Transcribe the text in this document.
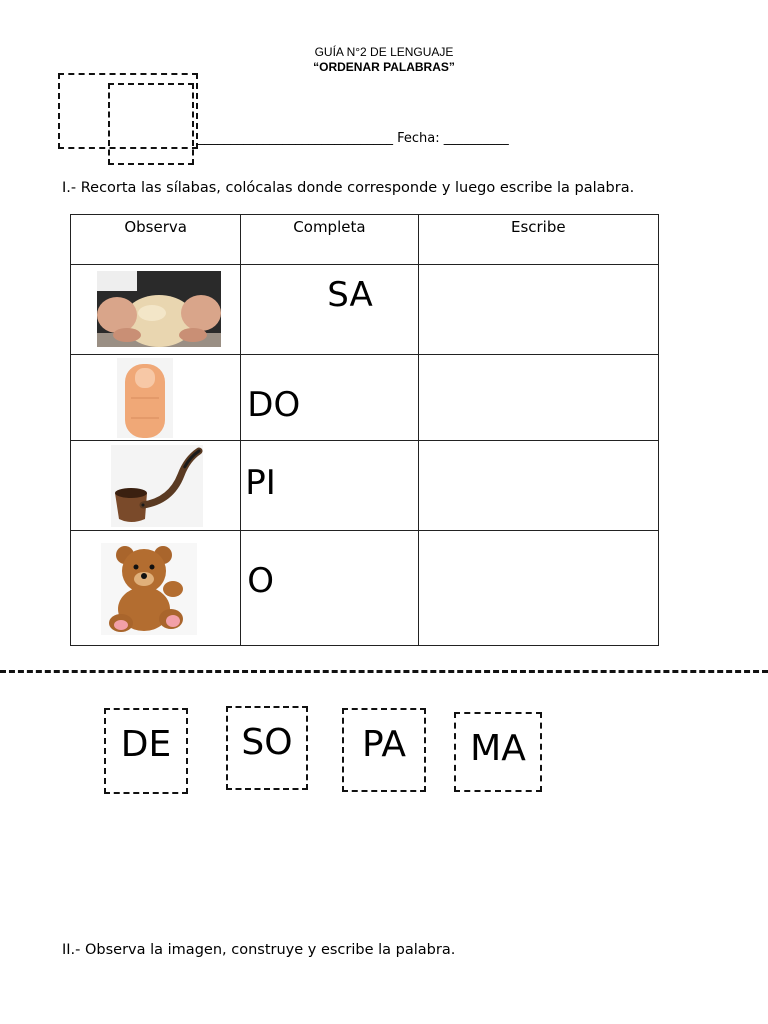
GUÍA N°2 DE LENGUAJE
“ORDENAR PALABRAS”
______________________________ Fecha: __________
I.- Recorta las sílabas, colócalas donde corresponde y luego escribe la palabra.
Observa	Completa	Escribe

SA	

DO	

PI	

O	

DE	SO	PA	MA
II.- Observa la imagen, construye y escribe la palabra.
